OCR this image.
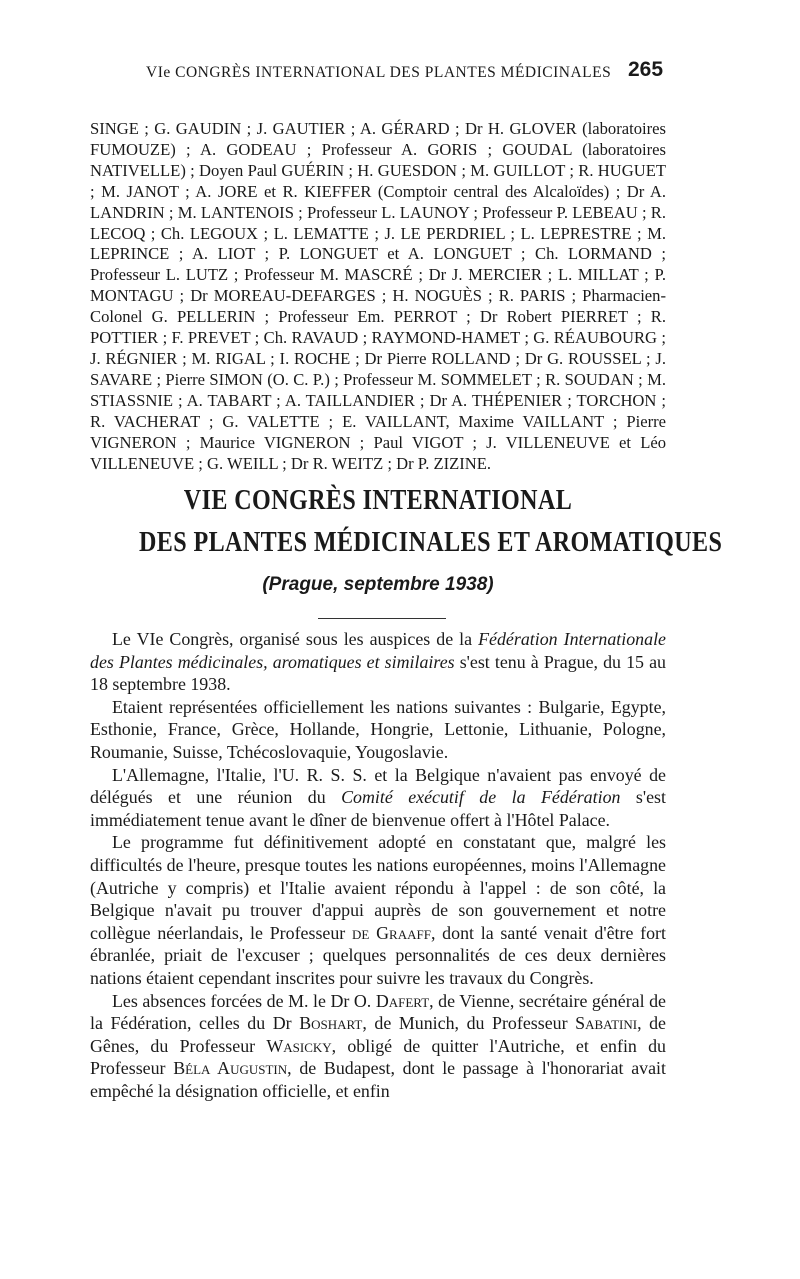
VIe CONGRÈS INTERNATIONAL DES PLANTES MÉDICINALES 265
SINGE ; G. GAUDIN ; J. GAUTIER ; A. GÉRARD ; Dr H. GLOVER (laboratoires FUMOUZE) ; A. GODEAU ; Professeur A. GORIS ; GOUDAL (laboratoires NATIVELLE) ; Doyen Paul GUÉRIN ; H. GUESDON ; M. GUILLOT ; R. HUGUET ; M. JANOT ; A. JORE et R. KIEFFER (Comptoir central des Alcaloïdes) ; Dr A. LANDRIN ; M. LANTENOIS ; Professeur L. LAUNOY ; Professeur P. LEBEAU ; R. LECOQ ; Ch. LEGOUX ; L. LEMATTE ; J. LE PERDRIEL ; L. LEPRESTRE ; M. LEPRINCE ; A. LIOT ; P. LONGUET et A. LONGUET ; Ch. LORMAND ; Professeur L. LUTZ ; Professeur M. MASCRÉ ; Dr J. MERCIER ; L. MILLAT ; P. MONTAGU ; Dr MOREAU-DEFARGES ; H. NOGUÈS ; R. PARIS ; Pharmacien-Colonel G. PELLERIN ; Professeur Em. PERROT ; Dr Robert PIERRET ; R. POTTIER ; F. PREVET ; Ch. RAVAUD ; RAYMOND-HAMET ; G. RÉAUBOURG ; J. RÉGNIER ; M. RIGAL ; I. ROCHE ; Dr Pierre ROLLAND ; Dr G. ROUSSEL ; J. SAVARE ; Pierre SIMON (O. C. P.) ; Professeur M. SOMMELET ; R. SOUDAN ; M. STIASSNIE ; A. TABART ; A. TAILLANDIER ; Dr A. THÉPENIER ; TORCHON ; R. VACHERAT ; G. VALETTE ; E. VAILLANT, Maxime VAILLANT ; Pierre VIGNERON ; Maurice VIGNERON ; Paul VIGOT ; J. VILLENEUVE et Léo VILLENEUVE ; G. WEILL ; Dr R. WEITZ ; Dr P. ZIZINE.
VIE CONGRÈS INTERNATIONAL
DES PLANTES MÉDICINALES ET AROMATIQUES
(Prague, septembre 1938)

Le VIe Congrès, organisé sous les auspices de la Fédération Internationale des Plantes médicinales, aromatiques et similaires s'est tenu à Prague, du 15 au 18 septembre 1938.

Etaient représentées officiellement les nations suivantes : Bulgarie, Egypte, Esthonie, France, Grèce, Hollande, Hongrie, Lettonie, Lithuanie, Pologne, Roumanie, Suisse, Tchécoslovaquie, Yougoslavie.

L'Allemagne, l'Italie, l'U. R. S. S. et la Belgique n'avaient pas envoyé de délégués et une réunion du Comité exécutif de la Fédération s'est immédiatement tenue avant le dîner de bienvenue offert à l'Hôtel Palace.

Le programme fut définitivement adopté en constatant que, malgré les difficultés de l'heure, presque toutes les nations européennes, moins l'Allemagne (Autriche y compris) et l'Italie avaient répondu à l'appel : de son côté, la Belgique n'avait pu trouver d'appui auprès de son gouvernement et notre collègue néerlandais, le Professeur de Graaff, dont la santé venait d'être fort ébranlée, priait de l'excuser ; quelques personnalités de ces deux dernières nations étaient cependant inscrites pour suivre les travaux du Congrès.

Les absences forcées de M. le Dr O. Dafert, de Vienne, secrétaire général de la Fédération, celles du Dr Boshart, de Munich, du Professeur Sabatini, de Gênes, du Professeur Wasicky, obligé de quitter l'Autriche, et enfin du Professeur Béla Augustin, de Budapest, dont le passage à l'honorariat avait empêché la désignation officielle, et enfin
